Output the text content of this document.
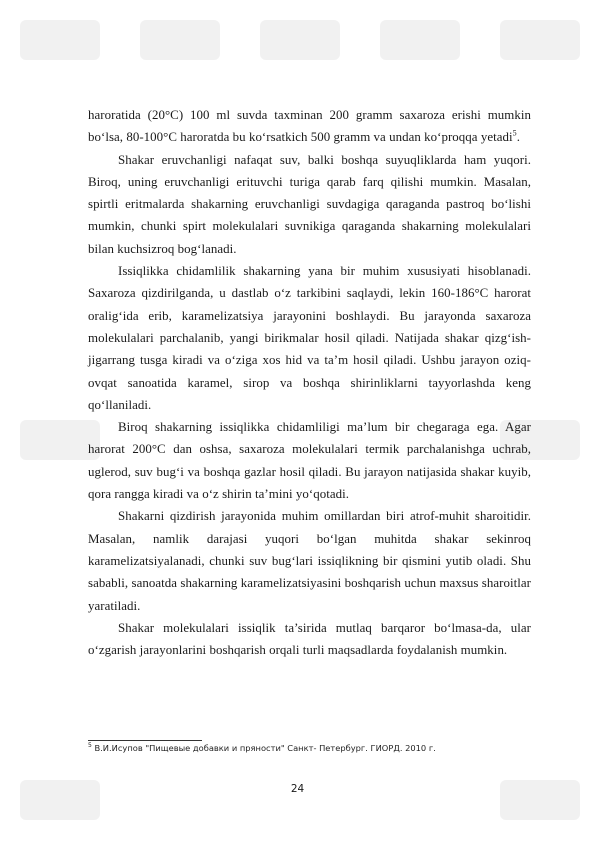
haroratida (20°C) 100 ml suvda taxminan 200 gramm saxaroza erishi mumkin bo‘lsa, 80-100°C haroratda bu ko‘rsatkich 500 gramm va undan ko‘proqqa yetadi$^5$.

Shakar eruvchanligi nafaqat suv, balki boshqa suyuqliklarda ham yuqori. Biroq, uning eruvchanligi erituvchi turiga qarab farq qilishi mumkin. Masalan, spirtli eritmalarda shakarning eruvchanligi suvdagiga qaraganda pastroq bo‘lishi mumkin, chunki spirt molekulalari suvnikiga qaraganda shakarning molekulalari bilan kuchsizroq bog‘lanadi.

Issiqlikka chidamlilik shakarning yana bir muhim xususiyati hisoblanadi. Saxaroza qizdirilganda, u dastlab o‘z tarkibini saqlaydi, lekin 160-186°C harorat oralig‘ida erib, karamelizatsiya jarayonini boshlaydi. Bu jarayonda saxaroza molekulalari parchalanib, yangi birikmalar hosil qiladi. Natijada shakar qizg‘ish-jigarrang tusga kiradi va o‘ziga xos hid va ta’m hosil qiladi. Ushbu jarayon oziq-ovqat sanoatida karamel, sirop va boshqa shirinliklarni tayyorlashda keng qo‘llaniladi.

Biroq shakarning issiqlikka chidamliligi ma’lum bir chegaraga ega. Agar harorat 200°C dan oshsa, saxaroza molekulalari termik parchalanishga uchrab, uglerod, suv bug‘i va boshqa gazlar hosil qiladi. Bu jarayon natijasida shakar kuyib, qora rangga kiradi va o‘z shirin ta’mini yo‘qotadi.

Shakarni qizdirish jarayonida muhim omillardan biri atrof-muhit sharoitidir. Masalan, namlik darajasi yuqori bo‘lgan muhitda shakar sekinroq karamelizatsiyalanadi, chunki suv bug‘lari issiqlikning bir qismini yutib oladi. Shu sababli, sanoatda shakarning karamelizatsiyasini boshqarish uchun maxsus sharoitlar yaratiladi.

Shakar molekulalari issiqlik ta’sirida mutlaq barqaror bo‘lmasa-da, ular o‘zgarish jarayonlarini boshqarish orqali turli maqsadlarda foydalanish mumkin.

$^5$ В.И.Исупов "Пищевые добавки и пряности" Санкт- Петербург. ГИОРД. 2010 г.
24
